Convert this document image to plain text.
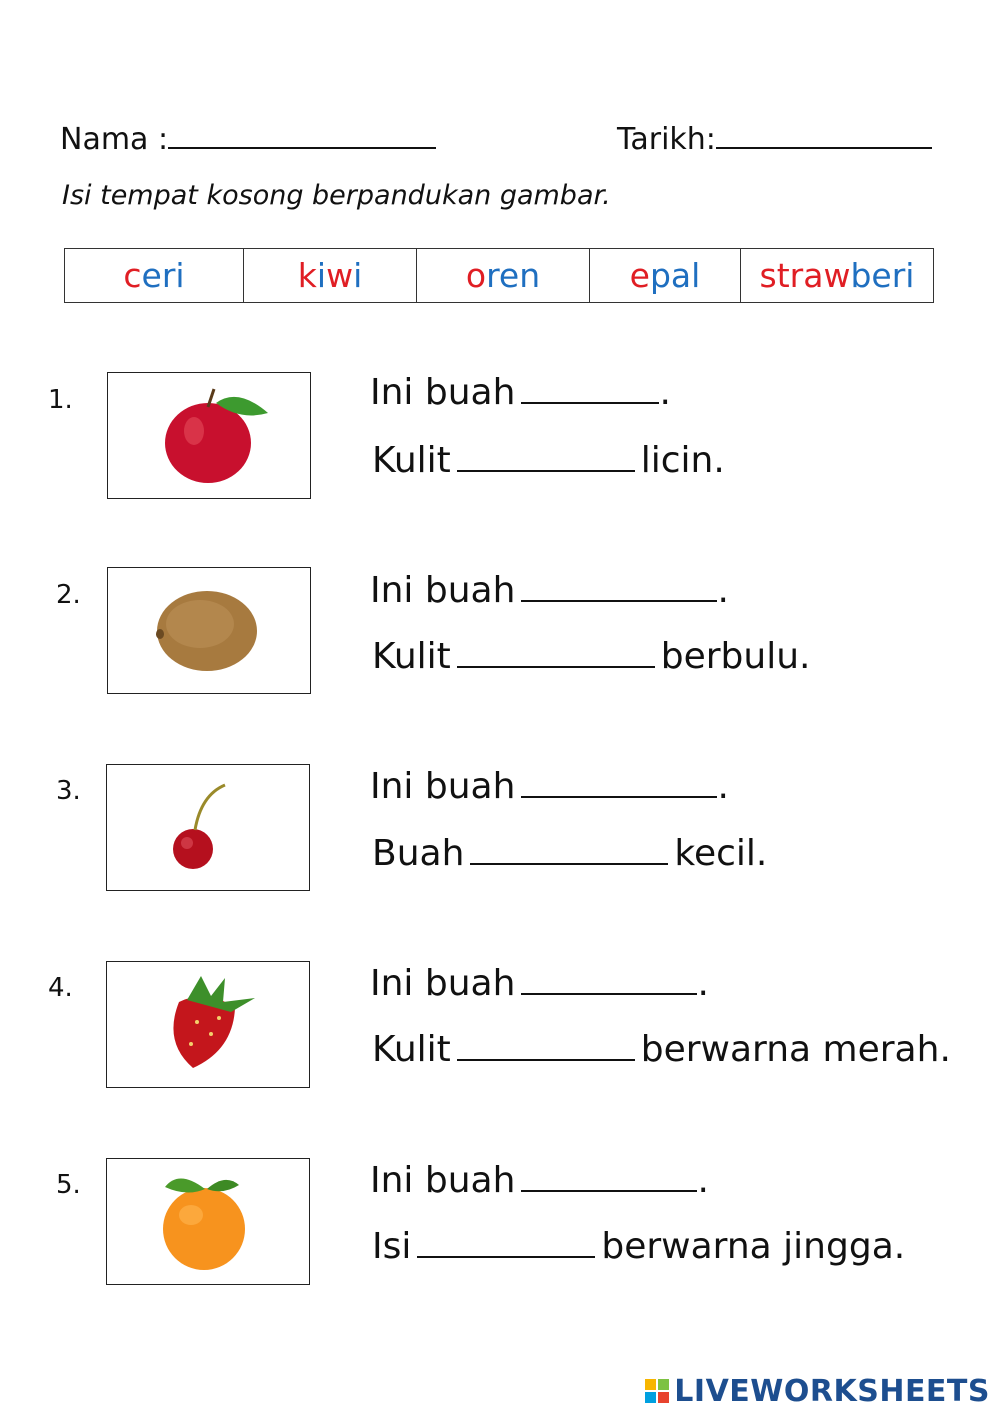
Nama :	Tarikh:
Isi tempat kosong berpandukan gambar.
ceri	kiwi	oren	epal	strawberi
1.	Ini buah	.
Kulit	licin.
2.	Ini buah	.
Kulit	berbulu.
3.	Ini buah	.
Buah	kecil.
4.	Ini buah	.
Kulit	berwarna merah.
5.	Ini buah	.
Isi	berwarna jingga.
LIVEWORKSHEETS
